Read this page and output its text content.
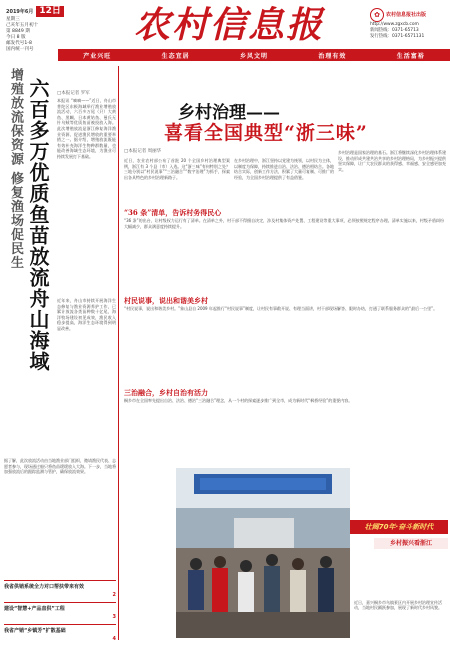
2019年6月 12日
星期三
己亥年五月初十
第 8849 期
今日 8 版
邮发代号1-8
国内统一刊号
农村信息报	✿	农村信息报社出版
http://www.zgxcb.com
新闻热线：0371-65713
发行热线：0371-6571131
产业兴旺	生态宜居	乡风文明	治理有效	生活富裕
增殖放流保资源 修复渔场促民生 六百多万优质鱼苗放流舟山海域	□本报记者 罗军
本报讯 “嘀嘀——”近日，舟山市普陀区东极海域举行渔业增殖放流活动，六百多万尾（只）大黄鱼、黑鲷、日本黄姑鱼、曼氏无针乌贼等优质鱼苗被投放入海。此次增殖放流是浙江修复海洋渔业资源、促进渔民增收的重要举措之一。据介绍，增殖放流既能有效补充海洋生物种群数量，也能改善海域生态环境，为渔业可持续发展打下基础。
近年来，舟山市持续开展海洋生态修复与渔业资源养护工作，已累计放流各类苗种数十亿尾，海洋牧场建设初见成效，渔民收入稳步提高，海洋生态环境得到明显改善。
据了解，此次放流活动由当地渔业部门组织，邀请渔民代表、志愿者参与，现场通过船只将鱼苗缓缓放入大海。下一步，当地将加强放流后的跟踪监测与管护，确保放流效果。
我省供销系统全力对口帮扶带来有效
2
建设“智慧+产品直供”工程
3
我省产销“乡镇芳”扩散基础
4
乡村治理——
喜看全国典型“浙三味”
□本报记者 周丽华
近日，农业农村部公布了首批 20 个全国乡村治理典型案例，浙江有 3 个县（市）入选。这“浙三味”有何特别之处？三地分别以“村民说事”“三治融合”“数字治理”为抓手，探索出各具特色的乡村治理新路子。
在乡村治理中，浙江坚持以党建为统领，以村民为主体，以制度为保障，持续推进自治、法治、德治相结合。各地结合实际，创新工作方法，积累了大量可复制、可推广的经验，为全国乡村治理提供了有益借鉴。
乡村治理是国家治理的基石。浙江将继续深化乡村治理体系建设，推动形成共建共治共享的乡村治理格局，为乡村振兴提供坚实保障，让广大农民群众的获得感、幸福感、安全感更加充实。
“36 条”清单，告诉村务得民心
“36 条”的出台，让村级权力运行有了清单。在清单之外，村干部不得擅自决定，涉及村集体资产处置、工程建设等重大事项，必须按照规定程序办理。清单实施以来，村级矛盾纠纷大幅减少，群众满意度持续提升。
村民说事，说出和谐美乡村
“村民说事，说出和谐美乡村。”象山县自 2009 年起推行“村民说事”制度，让村民有事敞开说、有理当面讲，村干部现场解答、限时办结，打通了联系服务群众的“最后一公里”。
三治融合，乡村自治有活力
桐乡市在全国率先提出自治、法治、德治“三治融合”理念，从一个村的探索逐步推广到全市，成为新时代“枫桥经验”的重要内容。
壮阔70年·奋斗新时代
乡村振兴看浙江
近日，嘉兴桐乡市乌镇景区内开展乡村治理宣传活动，当地村民踊跃参加，展现了新时代乡村风貌。
